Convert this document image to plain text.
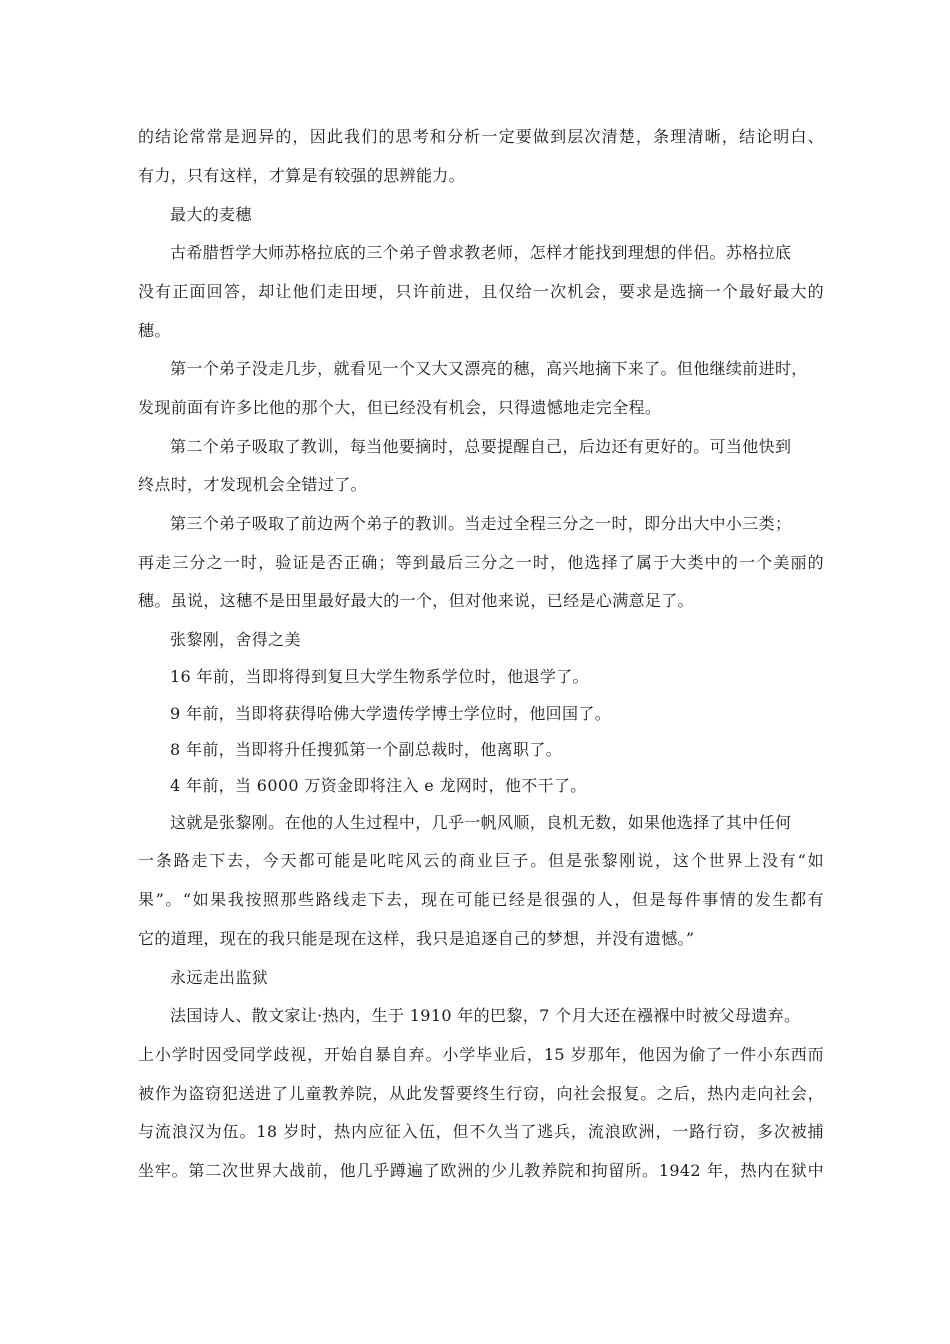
的结论常常是迥异的，因此我们的思考和分析一定要做到层次清楚，条理清晰，结论明白、
有力，只有这样，才算是有较强的思辨能力。
最大的麦穗
古希腊哲学大师苏格拉底的三个弟子曾求教老师，怎样才能找到理想的伴侣。苏格拉底
没有正面回答，却让他们走田埂，只许前进，且仅给一次机会，要求是选摘一个最好最大的
穗。
第一个弟子没走几步，就看见一个又大又漂亮的穗，高兴地摘下来了。但他继续前进时，
发现前面有许多比他的那个大，但已经没有机会，只得遗憾地走完全程。
第二个弟子吸取了教训，每当他要摘时，总要提醒自己，后边还有更好的。可当他快到
终点时，才发现机会全错过了。
第三个弟子吸取了前边两个弟子的教训。当走过全程三分之一时，即分出大中小三类；
再走三分之一时，验证是否正确；等到最后三分之一时，他选择了属于大类中的一个美丽的
穗。虽说，这穗不是田里最好最大的一个，但对他来说，已经是心满意足了。
张黎刚，舍得之美
16 年前，当即将得到复旦大学生物系学位时，他退学了。
9 年前，当即将获得哈佛大学遗传学博士学位时，他回国了。
8 年前，当即将升任搜狐第一个副总裁时，他离职了。
4 年前，当 6000 万资金即将注入 e 龙网时，他不干了。
这就是张黎刚。在他的人生过程中，几乎一帆风顺，良机无数，如果他选择了其中任何
一条路走下去，今天都可能是叱咤风云的商业巨子。但是张黎刚说，这个世界上没有“如
果”。“如果我按照那些路线走下去，现在可能已经是很强的人，但是每件事情的发生都有
它的道理，现在的我只能是现在这样，我只是追逐自己的梦想，并没有遗憾。”
永远走出监狱
法国诗人、散文家让·热内，生于 1910 年的巴黎，7 个月大还在襁褓中时被父母遗弃。
上小学时因受同学歧视，开始自暴自弃。小学毕业后，15 岁那年，他因为偷了一件小东西而
被作为盗窃犯送进了儿童教养院，从此发誓要终生行窃，向社会报复。之后，热内走向社会，
与流浪汉为伍。18 岁时，热内应征入伍，但不久当了逃兵，流浪欧洲，一路行窃，多次被捕
坐牢。第二次世界大战前，他几乎蹲遍了欧洲的少儿教养院和拘留所。1942 年，热内在狱中
